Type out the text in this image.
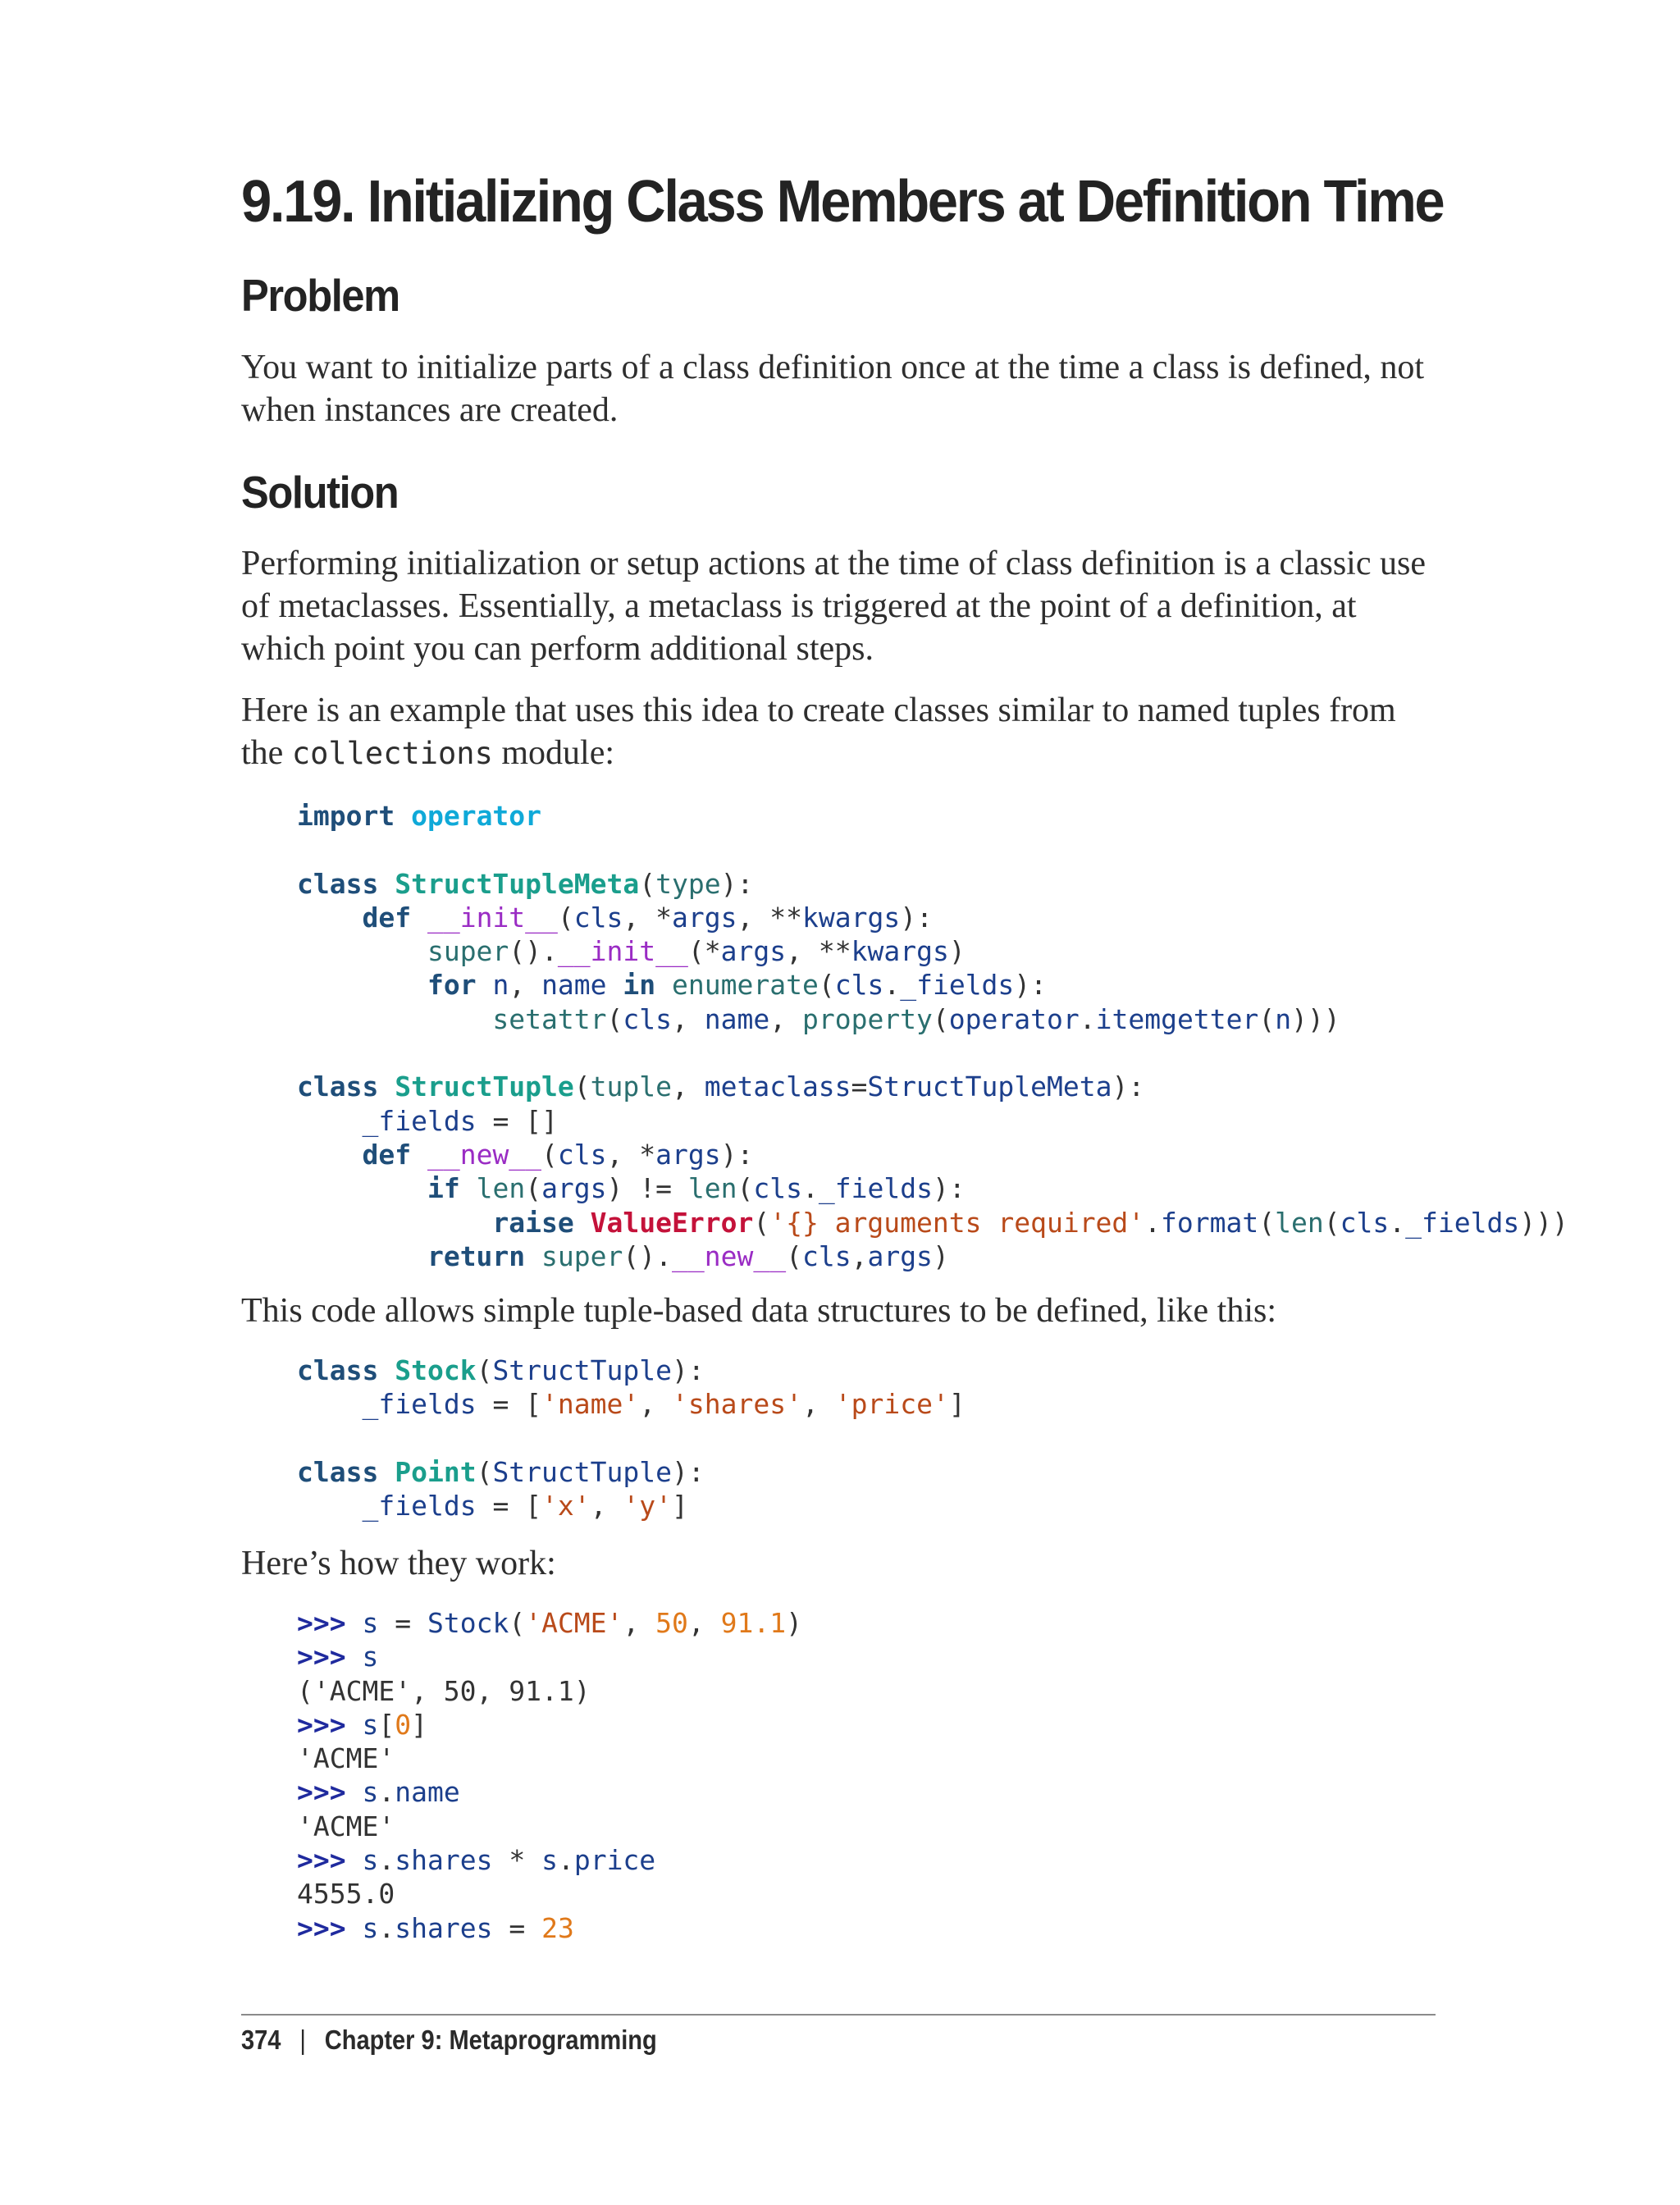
9.19. Initializing Class Members at Definition Time
Problem

You want to initialize parts of a class definition once at the time a class is defined, not when instances are created.

Solution

Performing initialization or setup actions at the time of class definition is a classic use of metaclasses. Essentially, a metaclass is triggered at the point of a definition, at which point you can perform additional steps.

Here is an example that uses this idea to create classes similar to named tuples from the collections module:

import operator

class StructTupleMeta(type):
def __init__(cls, *args, **kwargs):
super().__init__(*args, **kwargs)
for n, name in enumerate(cls._fields):
setattr(cls, name, property(operator.itemgetter(n)))

class StructTuple(tuple, metaclass=StructTupleMeta):
_fields = []
def __new__(cls, *args):
if len(args) != len(cls._fields):
raise ValueError('{} arguments required'.format(len(cls._fields)))
return super().__new__(cls,args)

This code allows simple tuple-based data structures to be defined, like this:

class Stock(StructTuple):
_fields = ['name', 'shares', 'price']

class Point(StructTuple):
_fields = ['x', 'y']

Here’s how they work:

>>> s = Stock('ACME', 50, 91.1)
>>> s
('ACME', 50, 91.1)
>>> s[0]
'ACME'
>>> s.name
'ACME'
>>> s.shares * s.price
4555.0
>>> s.shares = 23
374 | Chapter 9: Metaprogramming
